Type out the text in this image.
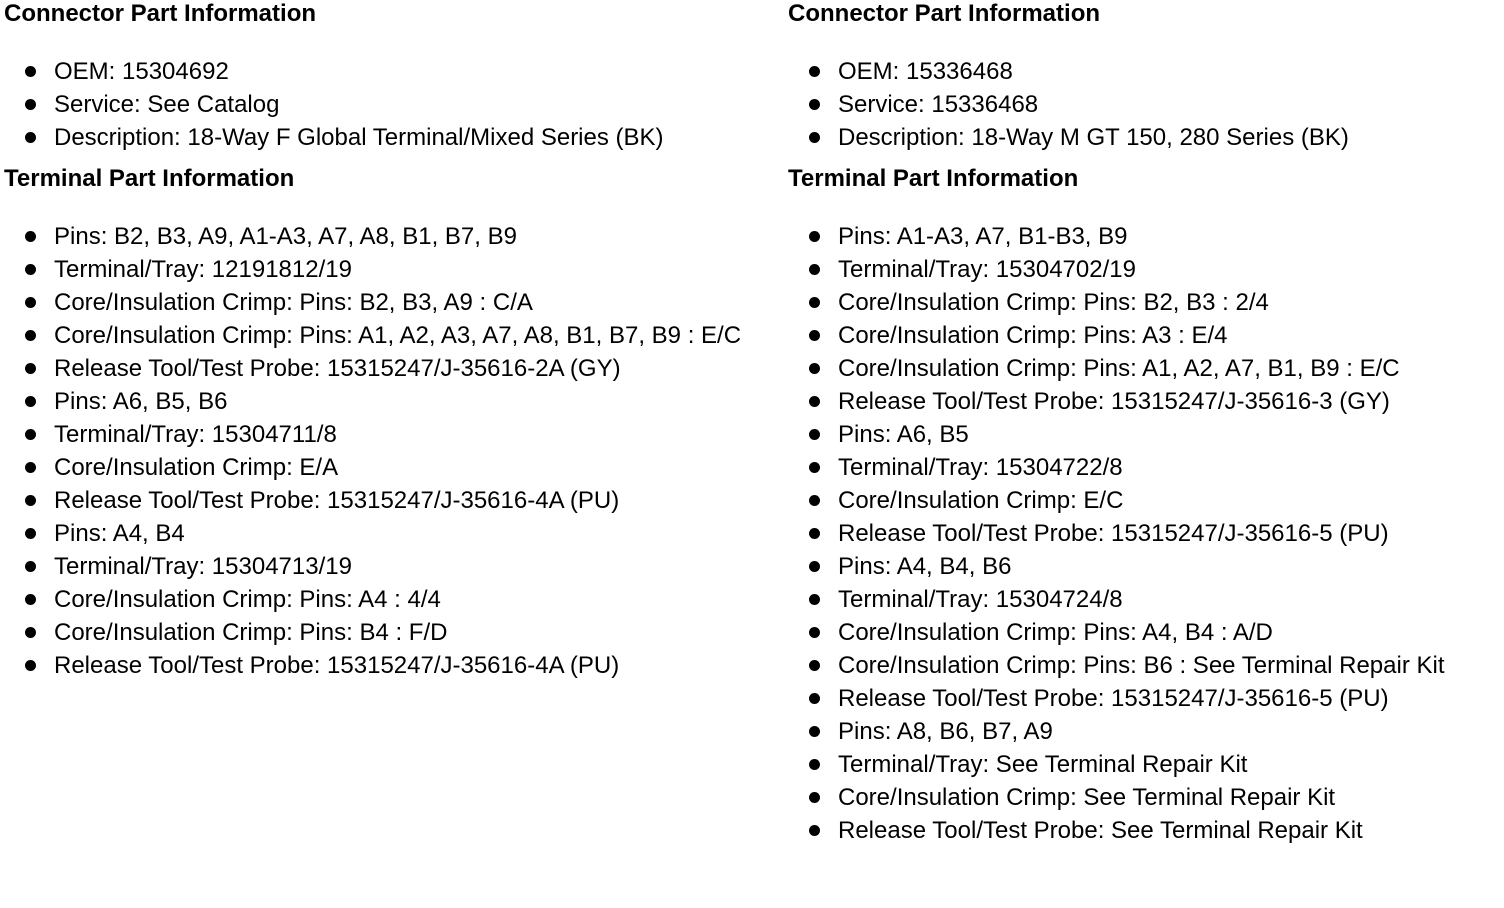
Connector Part Information
OEM: 15304692
Service: See Catalog
Description: 18-Way F Global Terminal/Mixed Series (BK)
Terminal Part Information
Pins: B2, B3, A9, A1-A3, A7, A8, B1, B7, B9
Terminal/Tray: 12191812/19
Core/Insulation Crimp: Pins: B2, B3, A9 : C/A
Core/Insulation Crimp: Pins: A1, A2, A3, A7, A8, B1, B7, B9 : E/C
Release Tool/Test Probe: 15315247/J-35616-2A (GY)
Pins: A6, B5, B6
Terminal/Tray: 15304711/8
Core/Insulation Crimp: E/A
Release Tool/Test Probe: 15315247/J-35616-4A (PU)
Pins: A4, B4
Terminal/Tray: 15304713/19
Core/Insulation Crimp: Pins: A4 : 4/4
Core/Insulation Crimp: Pins: B4 : F/D
Release Tool/Test Probe: 15315247/J-35616-4A (PU)
Connector Part Information
OEM: 15336468
Service: 15336468
Description: 18-Way M GT 150, 280 Series (BK)
Terminal Part Information
Pins: A1-A3, A7, B1-B3, B9
Terminal/Tray: 15304702/19
Core/Insulation Crimp: Pins: B2, B3 : 2/4
Core/Insulation Crimp: Pins: A3 : E/4
Core/Insulation Crimp: Pins: A1, A2, A7, B1, B9 : E/C
Release Tool/Test Probe: 15315247/J-35616-3 (GY)
Pins: A6, B5
Terminal/Tray: 15304722/8
Core/Insulation Crimp: E/C
Release Tool/Test Probe: 15315247/J-35616-5 (PU)
Pins: A4, B4, B6
Terminal/Tray: 15304724/8
Core/Insulation Crimp: Pins: A4, B4 : A/D
Core/Insulation Crimp: Pins: B6 : See Terminal Repair Kit
Release Tool/Test Probe: 15315247/J-35616-5 (PU)
Pins: A8, B6, B7, A9
Terminal/Tray: See Terminal Repair Kit
Core/Insulation Crimp: See Terminal Repair Kit
Release Tool/Test Probe: See Terminal Repair Kit
